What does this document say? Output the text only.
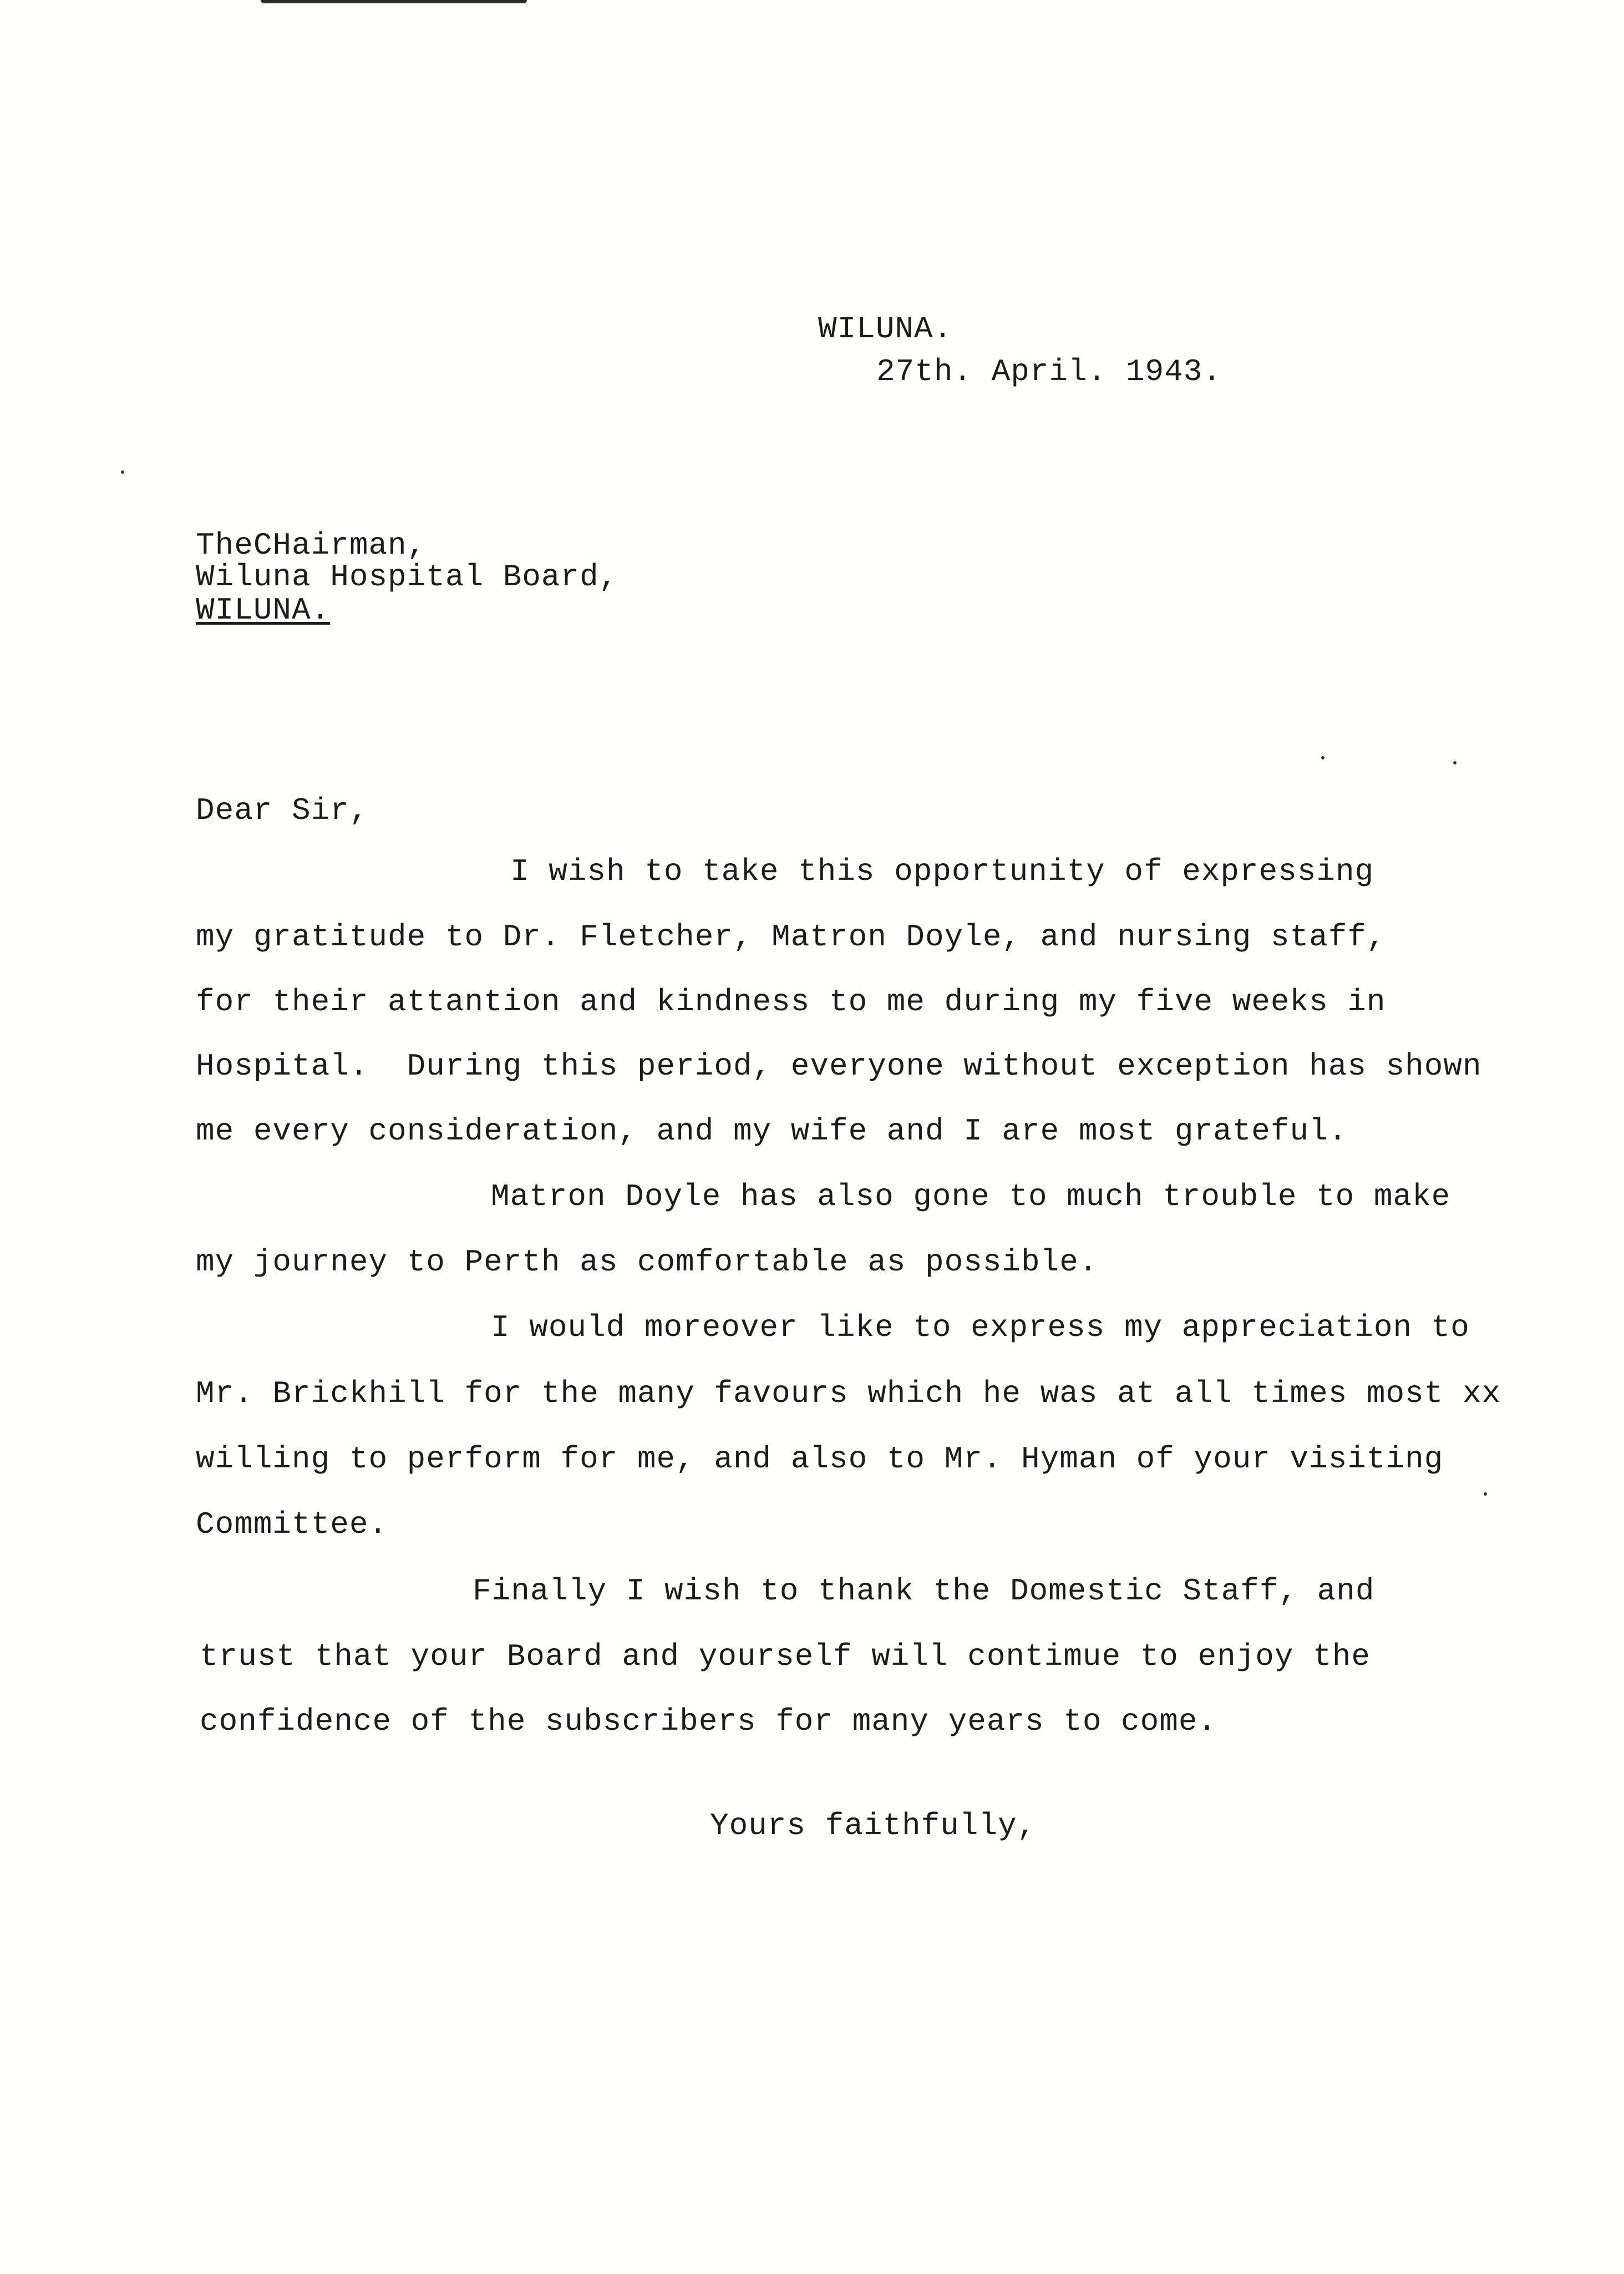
WILUNA.

27th. April. 1943.

TheCHairman,

Wiluna Hospital Board,

WILUNA.

Dear Sir,

I wish to take this opportunity of expressing

my gratitude to Dr. Fletcher, Matron Doyle, and nursing staff,

for their attantion and kindness to me during my five weeks in

Hospital.  During this period, everyone without exception has shown

me every consideration, and my wife and I are most grateful.

Matron Doyle has also gone to much trouble to make

my journey to Perth as comfortable as possible.

I would moreover like to express my appreciation to

Mr. Brickhill for the many favours which he was at all times most xx

willing to perform for me, and also to Mr. Hyman of your visiting

Committee.

Finally I wish to thank the Domestic Staff, and

trust that your Board and yourself will contimue to enjoy the

confidence of the subscribers for many years to come.

Yours faithfully,
